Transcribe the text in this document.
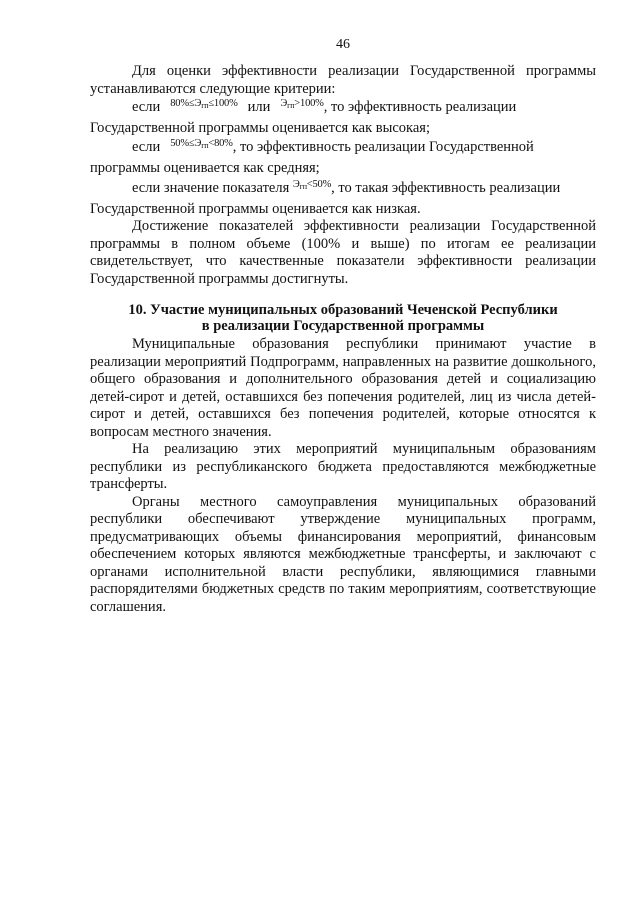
46

Для оценки эффективности реализации Государственной программы устанавливаются следующие критерии:

если $^{80\%\le Э_{гп}\le 100\%}$ или $^{Э_{гп}>100\%}$, то эффективность реализации

Государственной программы оценивается как высокая;

если $^{50\%\le Э_{гп}<80\%}$, то эффективность реализации Государственной

программы оценивается как средняя;

если значение показателя $^{Э_{гп}<50\%}$, то такая эффективность реализации

Государственной программы оценивается как низкая.

Достижение показателей эффективности реализации Государственной программы в полном объеме (100% и выше) по итогам ее реализации свидетельствует, что качественные показатели эффективности реализации Государственной программы достигнуты.

10. Участие муниципальных образований Чеченской Республики
в реализации Государственной программы

Муниципальные образования республики принимают участие в реализации мероприятий Подпрограмм, направленных на развитие дошкольного, общего образования и дополнительного образования детей и социализацию детей-сирот и детей, оставшихся без попечения родителей, лиц из числа детей-сирот и детей, оставшихся без попечения родителей, которые относятся к вопросам местного значения.

На реализацию этих мероприятий муниципальным образованиям республики из республиканского бюджета предоставляются межбюджетные трансферты.

Органы местного самоуправления муниципальных образований республики обеспечивают утверждение муниципальных программ, предусматривающих объемы финансирования мероприятий, финансовым обеспечением которых являются межбюджетные трансферты, и заключают с органами исполнительной власти республики, являющимися главными распорядителями бюджетных средств по таким мероприятиям, соответствующие соглашения.
